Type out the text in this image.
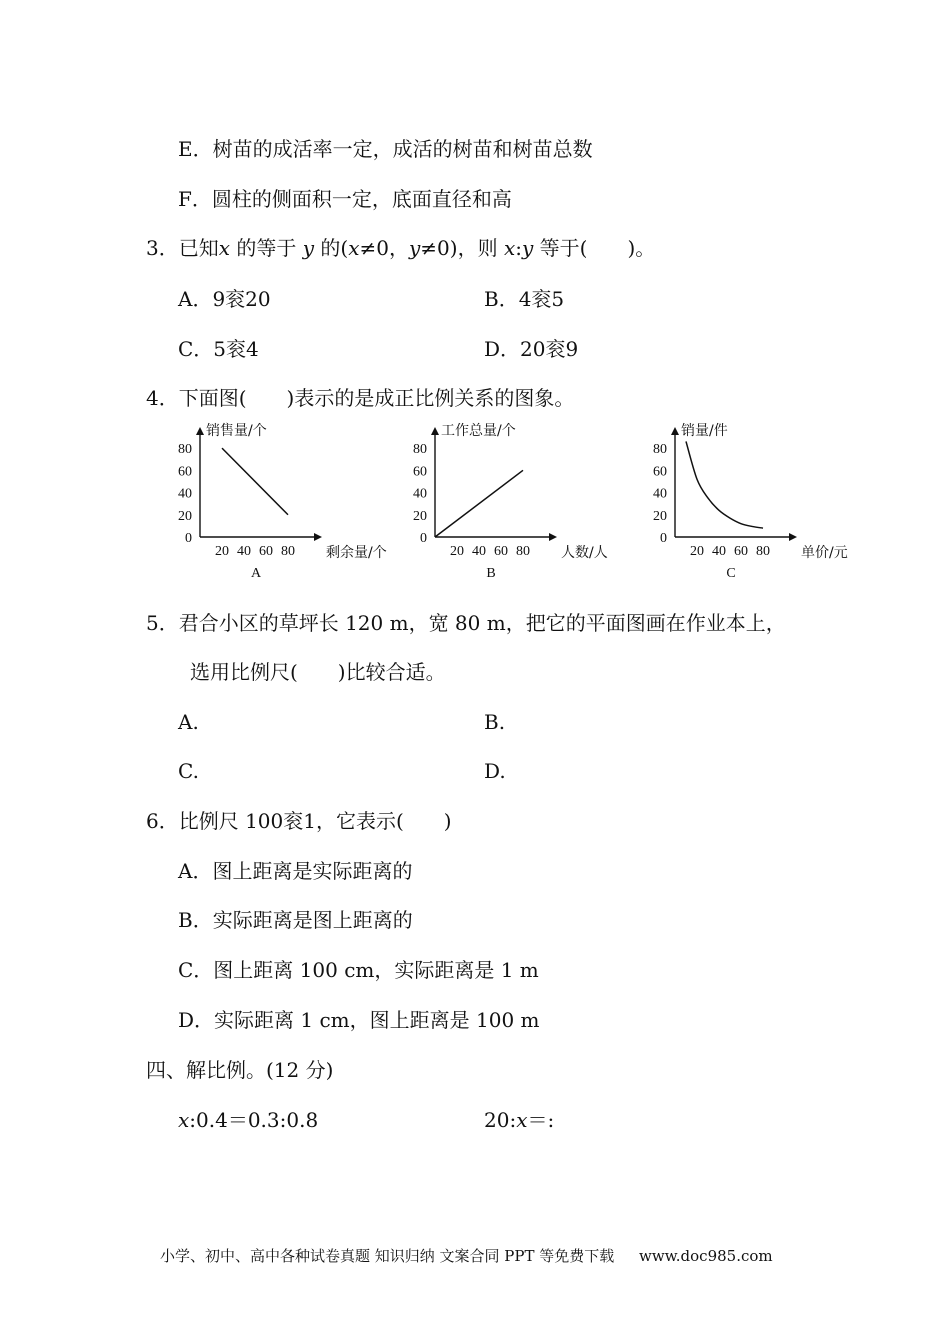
E．树苗的成活率一定，成活的树苗和树苗总数
F．圆柱的侧面积一定，底面直径和高
3．已知x 的等于 y 的(x≠0，y≠0)，则 x:y 等于(　　)。
A．9衮20	B．4衮5
C．5衮4	D．20衮9
4．下面图(　　)表示的是成正比例关系的图象。
0
20
40
60
80
20 40 60 80
销售量/个
剩余量/个
A
0
20
40
60
80
20 40 60 80
工作总量/个
人数/人
B
0
20
40
60
80
20 40 60 80
销量/件
单价/元
C
5．君合小区的草坪长 120 m，宽 80 m，把它的平面图画在作业本上，
选用比例尺(　　)比较合适。
A.	B.
C.	D.
6．比例尺 100衮1，它表示(　　)
A．图上距离是实际距离的
B．实际距离是图上距离的
C．图上距离 100 cm，实际距离是 1 m
D．实际距离 1 cm，图上距离是 100 m
四、解比例。(12 分)
x:0.4＝0.3:0.8	20:x＝:
小学、初中、高中各种试卷真题 知识归纳 文案合同 PPT 等免费下载 www.doc985.com
